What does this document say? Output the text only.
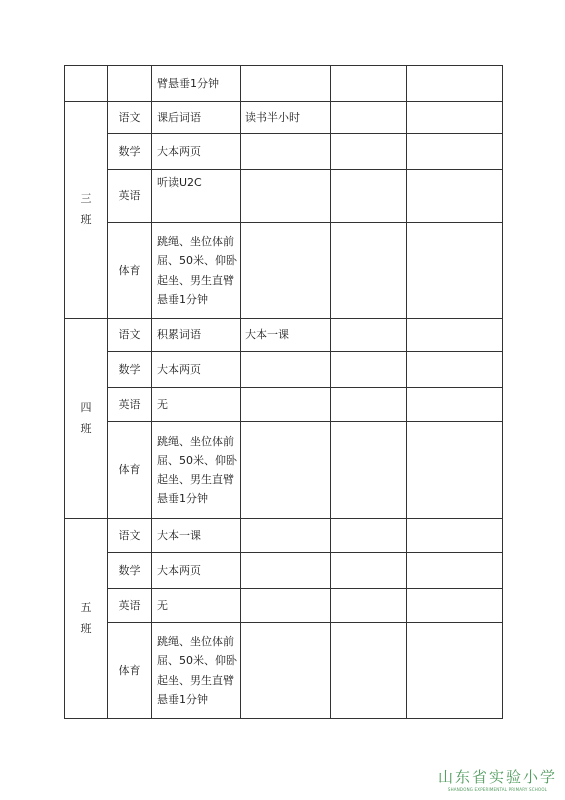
		臂悬垂1分钟			
三班	语文	课后词语	读书半小时		
	数学	大本两页			
	英语	听读U2C			
	体育	跳绳、坐位体前屈、50米、仰卧起坐、男生直臂悬垂1分钟			
四班	语文	积累词语	大本一课		
	数学	大本两页			
	英语	无			
	体育	跳绳、坐位体前屈、50米、仰卧起坐、男生直臂悬垂1分钟			
五班	语文	大本一课			
	数学	大本两页			
	英语	无			
	体育	跳绳、坐位体前屈、50米、仰卧起坐、男生直臂悬垂1分钟			
山东省实验小学
SHANDONG EXPERIMENTAL PRIMARY SCHOOL
